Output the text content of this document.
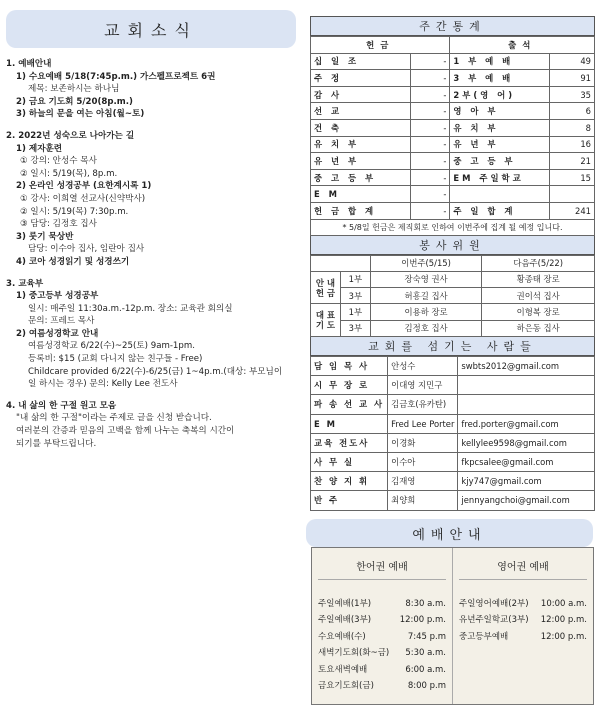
교회소식
1. 예배안내
1) 수요예배 5/18(7:45p.m.) 가스펠프로젝트 6권
제목: 보존하시는 하나님
2) 금요 기도회 5/20(8p.m.)
3) 하늘의 문을 여는 아침(월~토)
2. 2022년 성숙으로 나아가는 길
1) 제자훈련
① 강의: 안성수 목사
② 일시: 5/19(목), 8p.m.
2) 온라인 성경공부 (요한계시록 1)
① 강사: 이희열 선교사(신약박사)
② 일시: 5/19(목) 7:30p.m.
③ 담당: 김정호 집사
3) 룻기 묵상반
담당: 이수아 집사, 임란아 집사
4) 코아 성경읽기 및 성경쓰기
3. 교육부
1) 중고등부 성경공부
일시: 매주일 11:30a.m.-12p.m. 장소: 교육관 회의실
문의: 프레드 목사
2) 여름성경학교 안내
여름성경학교 6/22(수)~25(토) 9am-1pm.
등록비: $15 (교회 다니지 않는 친구들 - Free)
Childcare provided 6/22(수)-6/25(금) 1~4p.m.(대상: 부모님이
일 하시는 경우) 문의: Kelly Lee 전도사
4. 내 삶의 한 구절 원고 모음
"내 삶의 한 구절"이라는 주제로 글을 신청 받습니다.
여러분의 간증과 믿음의 고백을 함께 나누는 축복의 시간이
되기를 부탁드립니다.
주간통계
헌금		출석	
십 일 조	-	1 부 예 배	49
주 정	-	3 부 예 배	91
감 사	-	2부(영 어)	35
선 교	-	영 아 부	6
건 축	-	유 치 부	8
유 치 부	-	유 년 부	16
유 년 부	-	중 고 등 부	21
중 고 등 부	-	EM 주일학교	15
E M	-		
헌 금 합 계	-	주 일 합 계	241
* 5/8일 헌금은 제직회로 인하여 이번주에 집계 될 예정 입니다.
봉사위원
		이번주(5/15)	다음주(5/22)
안 내 헌 금	1부	장숙영 권사	황종태 장로
	3부	허흥길 집사	권이석 집사
대 표 기 도	1부	이용하 장로	이형복 장로
	3부	김정호 집사	하은동 집사
교회를 섬기는 사람들
담 임 목 사	안성수	swbts2012@gmail.com
시 무 장 로	이대영 지민구	
파 송 선 교 사	김금호(유카탄)	
E M	Fred Lee Porter	fred.porter@gmail.com
교육 전도사	이경화	kellylee9598@gmail.com
사 무 실	이수아	fkpcsalee@gmail.com
찬 양 지 휘	김재영	kjy747@gmail.com
반 주	최양희	jennyangchoi@gmail.com
예배안내
한어권 예배
주일예배(1부)	8:30 a.m.
주일예배(3부)	12:00 p.m.
수요예배(수)	7:45 p.m
새벽기도회(화~금) 5:30 a.m.
토요새벽예배	6:00 a.m.
금요기도회(금)	8:00 p.m
영어권 예배
주일영어예배(2부) 10:00 a.m.
유년주일학교(3부) 12:00 p.m.
중고등부예배	12:00 p.m.
